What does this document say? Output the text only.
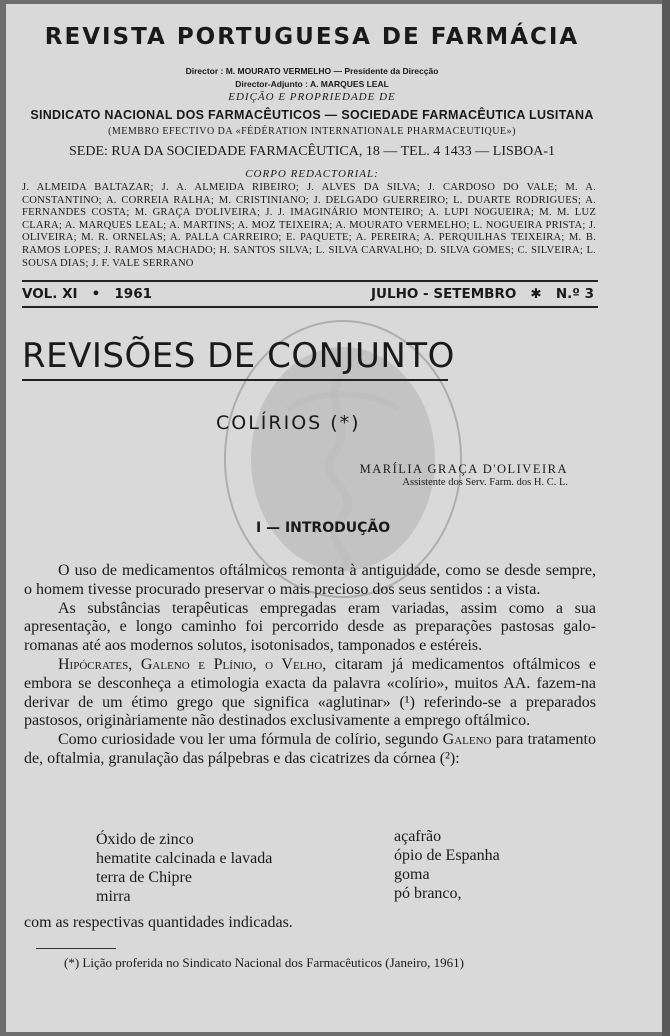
REVISTA PORTUGUESA DE FARMÁCIA
Director : M. MOURATO VERMELHO — Presidente da Direcção
Director-Adjunto : A. MARQUES LEAL
EDIÇÃO E PROPRIEDADE DE
SINDICATO NACIONAL DOS FARMACÊUTICOS — SOCIEDADE FARMACÊUTICA LUSITANA
(MEMBRO EFECTIVO DA «FÉDÉRATION INTERNATIONALE PHARMACEUTIQUE»)
SEDE: RUA DA SOCIEDADE FARMACÊUTICA, 18 — TEL. 4 1433 — LISBOA-1
CORPO REDACTORIAL:
J. ALMEIDA BALTAZAR; J. A. ALMEIDA RIBEIRO; J. ALVES DA SILVA; J. CARDOSO DO VALE; M. A. CONSTANTINO; A. CORREIA RALHA; M. CRISTINIANO; J. DELGADO GUERREIRO; L. DUARTE RODRIGUES; A. FERNANDES COSTA; M. GRAÇA D'OLIVEIRA; J. J. IMAGINÁRIO MONTEIRO; A. LUPI NOGUEIRA; M. M. LUZ CLARA; A. MARQUES LEAL; A. MARTINS; A. MOZ TEIXEIRA; A. MOURATO VERMELHO; L. NOGUEIRA PRISTA; J. OLIVEIRA; M. R. ORNELAS; A. PALLA CARREIRO; E. PAQUETE; A. PEREIRA; A. PERQUILHAS TEIXEIRA; M. B. RAMOS LOPES; J. RAMOS MACHADO; H. SANTOS SILVA; L. SILVA CARVALHO; D. SILVA GOMES; C. SILVEIRA; L. SOUSA DIAS; J. F. VALE SERRANO
VOL. XI   •   1961	JULHO - SETEMBRO   ✱   N.º 3
REVISÕES DE CONJUNTO
COLÍRIOS (*)
MARÍLIA GRAÇA D'OLIVEIRA
Assistente dos Serv. Farm. dos H. C. L.
I — INTRODUÇÃO

O uso de medicamentos oftálmicos remonta à antiguidade, como se desde sempre, o homem tivesse procurado preservar o mais precioso dos seus sentidos : a vista.

As substâncias terapêuticas empregadas eram variadas, assim como a sua apresentação, e longo caminho foi percorrido desde as preparações pastosas galo-romanas até aos modernos solutos, isotonisados, tamponados e estéreis.

Hipócrates, Galeno e Plínio, o Velho, citaram já medicamentos oftálmicos e embora se desconheça a etimologia exacta da palavra «colírio», muitos AA. fazem-na derivar de um étimo grego que significa «aglutinar» (¹) referindo-se a preparados pastosos, originàriamente não destinados exclusivamente a emprego oftálmico.

Como curiosidade vou ler uma fórmula de colírio, segundo Galeno para tratamento de, oftalmia, granulação das pálpebras e das cicatrizes da córnea (²):

Óxido de zinco
hematite calcinada e lavada
terra de Chipre
mirra
açafrão
ópio de Espanha
goma
pó branco,
com as respectivas quantidades indicadas.
(*) Lição proferida no Sindicato Nacional dos Farmacêuticos (Janeiro, 1961)
